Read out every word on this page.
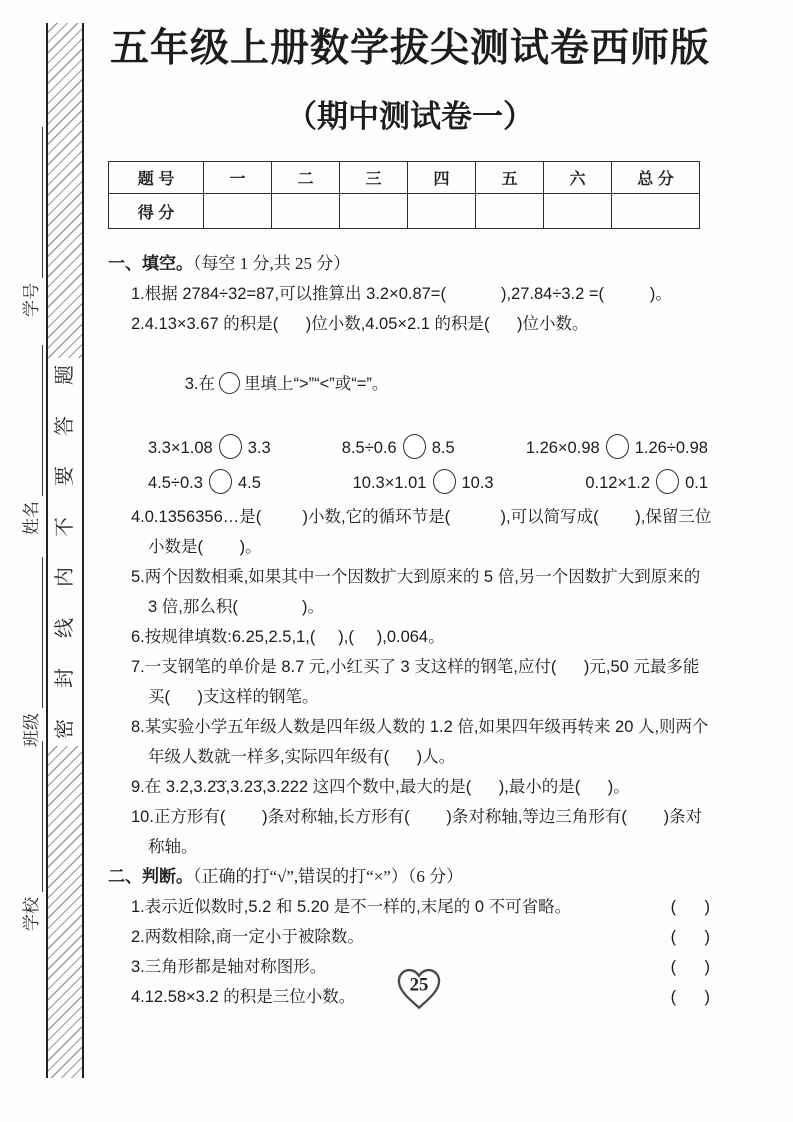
学号
姓名
班级
学校
题
答
要
不
内
线
封
密
五年级上册数学拔尖测试卷西师版
（期中测试卷一）
题 号	一	二	三	四	五	六	总 分
得 分							
一、填空。（每空 1 分,共 25 分）
1.根据 2784÷32=87,可以推算出 3.2×0.87=(            ),27.84÷3.2 =(          )。
2.4.13×3.67 的积是(      )位小数,4.05×2.1 的积是(      )位小数。

3.在 里填上“>”“<”或“=”。

3.3×1.08 3.3	8.5÷0.6 8.5	1.26×0.98 1.26÷0.98
4.5÷0.3 4.5	10.3×1.01 10.3	0.12×1.2 0.1
4.0.1356356…是(         )小数,它的循环节是(           ),可以简写成(        ),保留三位小数是(        )。
5.两个因数相乘,如果其中一个因数扩大到原来的 5 倍,另一个因数扩大到原来的 3 倍,那么积(              )。
6.按规律填数:6.25,2.5,1,(     ),(     ),0.064。
7.一支钢笔的单价是 8.7 元,小红买了 3 支这样的钢笔,应付(      )元,50 元最多能买(      )支这样的钢笔。
8.某实验小学五年级人数是四年级人数的 1.2 倍,如果四年级再转来 20 人,则两个年级人数就一样多,实际四年级有(      )人。
9.在 3.2,3.2̇3̇,3.23̇,3.222 这四个数中,最大的是(      ),最小的是(      )。
10.正方形有(        )条对称轴,长方形有(        )条对称轴,等边三角形有(        )条对称轴。
二、判断。（正确的打“√”,错误的打“×”）（6 分）
1.表示近似数时,5.2 和 5.20 是不一样的,末尾的 0 不可省略。	(    )
2.两数相除,商一定小于被除数。	(    )
3.三角形都是轴对称图形。	(    )
4.12.58×3.2 的积是三位小数。	(    )
25
